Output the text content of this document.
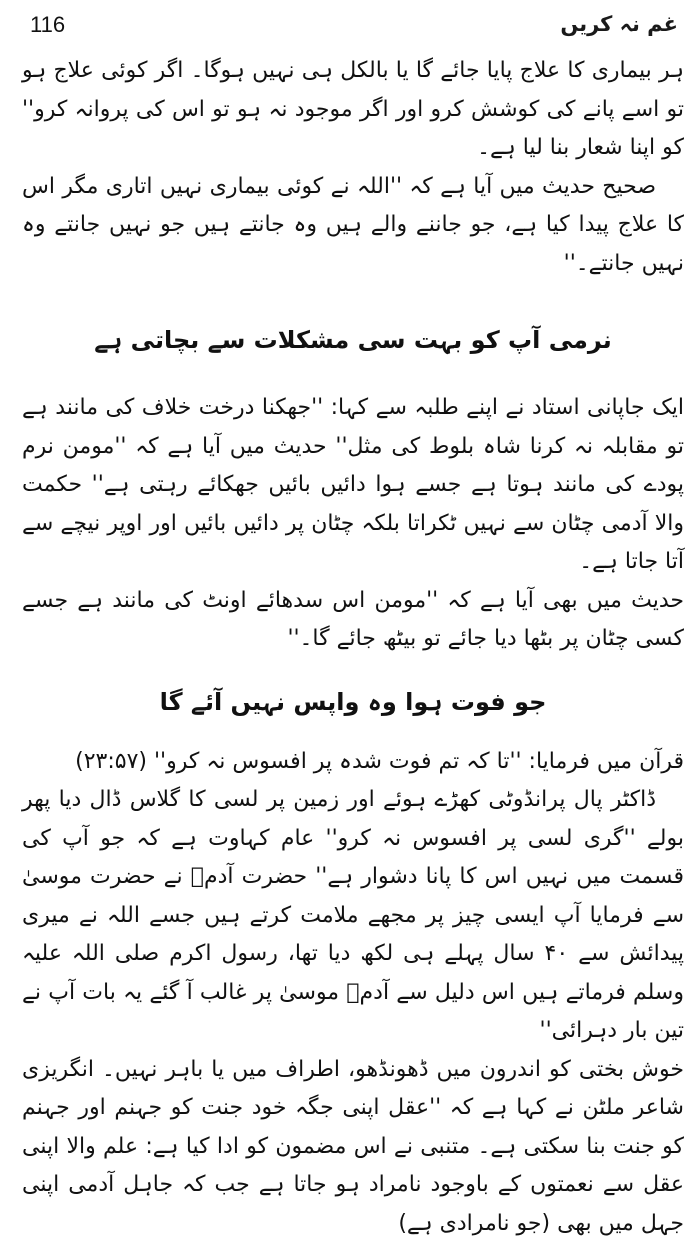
116	غم نہ کریں

ہر بیماری کا علاج پایا جائے گا یا بالکل ہی نہیں ہوگا۔ اگر کوئی علاج ہو تو اسے پانے کی کوشش کرو اور اگر موجود نہ ہو تو اس کی پروانہ کرو'' کو اپنا شعار بنا لیا ہے۔

صحیح حدیث میں آیا ہے کہ ''اللہ نے کوئی بیماری نہیں اتاری مگر اس کا علاج پیدا کیا ہے، جو جاننے والے ہیں وہ جانتے ہیں جو نہیں جانتے وہ نہیں جانتے۔''

نرمی آپ کو بہت سی مشکلات سے بچاتی ہے

ایک جاپانی استاد نے اپنے طلبہ سے کہا: ''جھکنا درخت خلاف کی مانند ہے تو مقابلہ نہ کرنا شاہ بلوط کی مثل'' حدیث میں آیا ہے کہ ''مومن نرم پودے کی مانند ہوتا ہے جسے ہوا دائیں بائیں جھکائے رہتی ہے'' حکمت والا آدمی چٹان سے نہیں ٹکراتا بلکہ چٹان پر دائیں بائیں اور اوپر نیچے سے آتا جاتا ہے۔

حدیث میں بھی آیا ہے کہ ''مومن اس سدھائے اونٹ کی مانند ہے جسے کسی چٹان پر بٹھا دیا جائے تو بیٹھ جائے گا۔''

جو فوت ہوا وہ واپس نہیں آئے گا

قرآن میں فرمایا: ''تا کہ تم فوت شدہ پر افسوس نہ کرو'' (۲۳:۵۷)

ڈاکٹر پال پرانڈوٹی کھڑے ہوئے اور زمین پر لسی کا گلاس ڈال دیا پھر بولے ''گری لسی پر افسوس نہ کرو'' عام کہاوت ہے کہ جو آپ کی قسمت میں نہیں اس کا پانا دشوار ہے'' حضرت آدمؑ نے حضرت موسیٰ سے فرمایا آپ ایسی چیز پر مجھے ملامت کرتے ہیں جسے اللہ نے میری پیدائش سے ۴۰ سال پہلے ہی لکھ دیا تھا، رسول اکرم صلی اللہ علیہ وسلم فرماتے ہیں اس دلیل سے آدمؑ موسیٰ پر غالب آ گئے یہ بات آپ نے تین بار دہرائی''

خوش بختی کو اندرون میں ڈھونڈھو، اطراف میں یا باہر نہیں۔ انگریزی شاعر ملٹن نے کہا ہے کہ ''عقل اپنی جگہ خود جنت کو جہنم اور جہنم کو جنت بنا سکتی ہے۔ متنبی نے اس مضمون کو ادا کیا ہے: علم والا اپنی عقل سے نعمتوں کے باوجود نامراد ہو جاتا ہے جب کہ جاہل آدمی اپنی جہل میں بھی (جو نامرادی ہے)
